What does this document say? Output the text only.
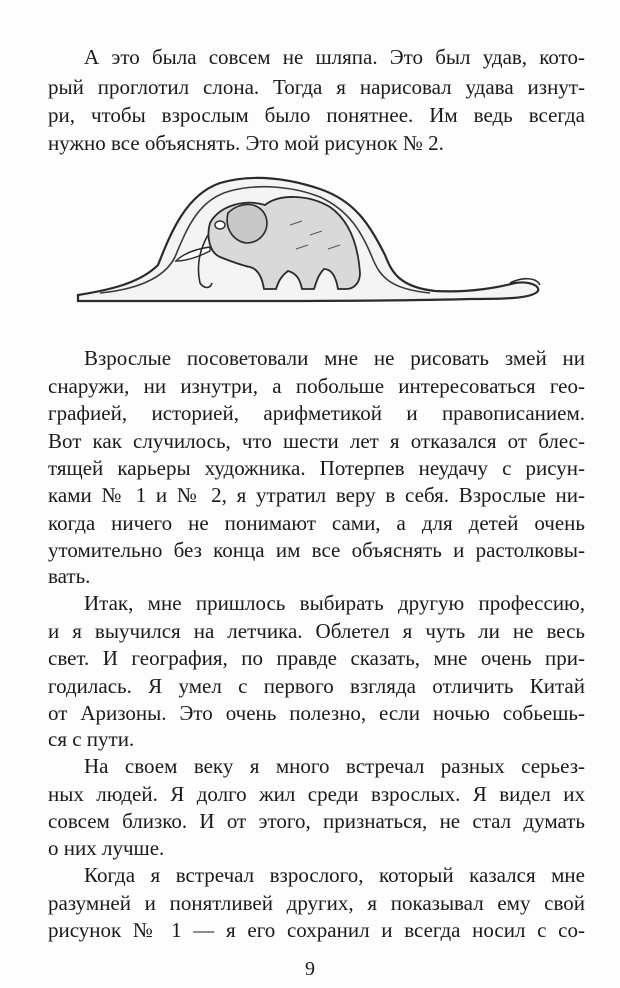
А это была совсем не шляпа. Это был удав, кото-
рый проглотил слона. Тогда я нарисовал удава изнут-
ри, чтобы взрослым было понятнее. Им ведь всегда
нужно все объяснять. Это мой рисунок № 2.
Взрослые посоветовали мне не рисовать змей ни
снаружи, ни изнутри, а побольше интересоваться гео-
графией, историей, арифметикой и правописанием.
Вот как случилось, что шести лет я отказался от блес-
тящей карьеры художника. Потерпев неудачу с рисун-
ками № 1 и № 2, я утратил веру в себя. Взрослые ни-
когда ничего не понимают сами, а для детей очень
утомительно без конца им все объяснять и растолковы-
вать.
Итак, мне пришлось выбирать другую профессию,
и я выучился на летчика. Облетел я чуть ли не весь
свет. И география, по правде сказать, мне очень при-
годилась. Я умел с первого взгляда отличить Китай
от Аризоны. Это очень полезно, если ночью собьешь-
ся с пути.
На своем веку я много встречал разных серьез-
ных людей. Я долго жил среди взрослых. Я видел их
совсем близко. И от этого, признаться, не стал думать
о них лучше.
Когда я встречал взрослого, который казался мне
разумней и понятливей других, я показывал ему свой
рисунок № 1 — я его сохранил и всегда носил с со-
9
